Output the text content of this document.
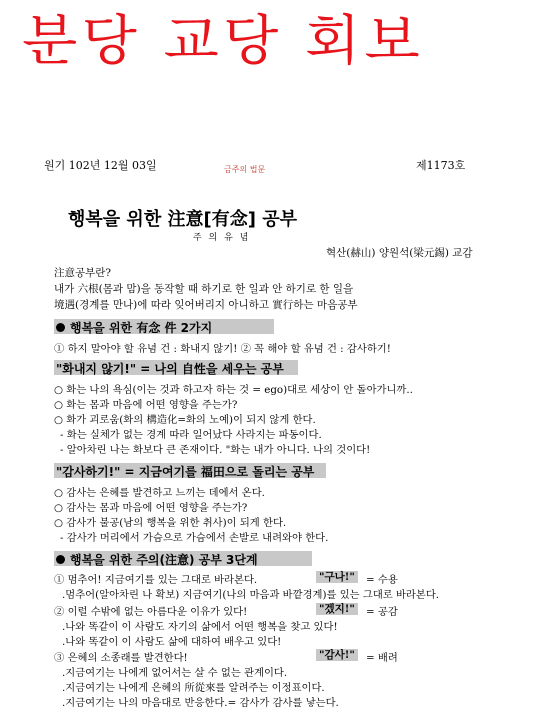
분당 교당 회보
원기 102년 12월 03일	금주의 법문	제1173호
행복을 위한 注意[有念] 공부
주 의 유 념
혁산(赫山) 양원석(梁元錫) 교감
注意공부란?
내가 六根(몸과 맘)을 동작할 때 하기로 한 일과 안 하기로 한 일을
境遇(경계를 만나)에 따라 잊어버리지 아니하고 實行하는 마음공부
행복을 위한 有念 件 2가지
① 하지 말아야 할 유념 건 : 화내지 않기! ② 꼭 해야 할 유념 건 : 감사하기!
"화내지 않기!" = 나의 自性을 세우는 공부
○ 화는 나의 욕심(이는 것과 하고자 하는 것 = ego)대로 세상이 안 돌아가니까..
○ 화는 몸과 마음에 어떤 영향을 주는가?
○ 화가 괴로움(화의 構造化=화의 노예)이 되지 않게 한다.
- 화는 실체가 없는 경계 따라 일어났다 사라지는 파동이다.
- 알아차린 나는 화보다 큰 존재이다. "화는 내가 아니다. 나의 것이다!
"감사하기!" = 지금여기를 福田으로 돌리는 공부
○ 감사는 은혜를 발견하고 느끼는 데에서 온다.
○ 감사는 몸과 마음에 어떤 영향을 주는가?
○ 감사가 불공(남의 행복을 위한 취사)이 되게 한다.
- 감사가 머리에서 가슴으로 가슴에서 손발로 내려와야 한다.
행복을 위한 주의(注意) 공부 3단계
① 멈추어! 지금여기를 있는 그대로 바라본다.	"구나!" = 수용
.멈추어(알아차린 나 확보) 지금여기(나의 마음과 바깥경계)를 있는 그대로 바라본다.
② 이럴 수밖에 없는 아름다운 이유가 있다!	"겠지!" = 공감
.나와 똑같이 이 사람도 자기의 삶에서 어떤 행복을 찾고 있다!
.나와 똑같이 이 사람도 삶에 대하여 배우고 있다!
③ 은혜의 소종래를 발견한다!	"감사!" = 배려
.지금여기는 나에게 없어서는 살 수 없는 관계이다.
.지금여기는 나에게 은혜의 所從來를 알려주는 이정표이다.
.지금여기는 나의 마음대로 반응한다.= 감사가 감사를 낳는다.
